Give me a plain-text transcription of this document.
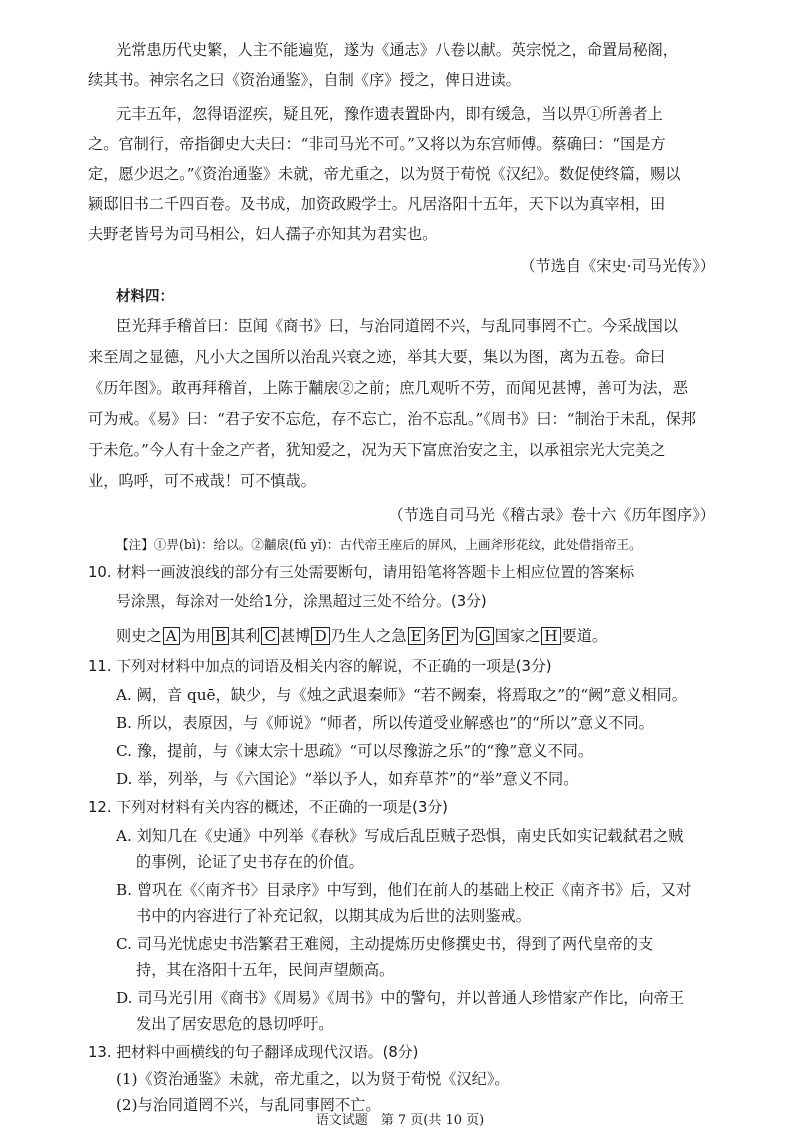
光常患历代史繁，人主不能遍览，遂为《通志》八卷以献。英宗悦之，命置局秘阁，
续其书。神宗名之曰《资治通鉴》，自制《序》授之，俾日进读。
元丰五年，忽得语涩疾，疑且死，豫作遗表置卧内，即有缓急，当以畀①所善者上
之。官制行，帝指御史大夫曰：“非司马光不可。”又将以为东宫师傅。蔡确曰：“国是方
定，愿少迟之。”《资治通鉴》未就，帝尤重之，以为贤于荀悦《汉纪》。数促使终篇，赐以
颍邸旧书二千四百卷。及书成，加资政殿学士。凡居洛阳十五年，天下以为真宰相，田
夫野老皆号为司马相公，妇人孺子亦知其为君实也。
（节选自《宋史·司马光传》）
材料四：
臣光拜手稽首曰：臣闻《商书》曰，与治同道罔不兴，与乱同事罔不亡。今采战国以
来至周之显德，凡小大之国所以治乱兴衰之迹，举其大要，集以为图，离为五卷。命曰
《历年图》。敢再拜稽首，上陈于黼扆②之前；庶几观听不劳，而闻见甚博，善可为法，恶
可为戒。《易》曰：“君子安不忘危，存不忘亡，治不忘乱。”《周书》曰：“制治于未乱，保邦
于未危。”今人有十金之产者，犹知爱之，况为天下富庶治安之主，以承祖宗光大完美之
业，呜呼，可不戒哉！可不慎哉。
（节选自司马光《稽古录》卷十六《历年图序》）
【注】①畀(bì)：给以。②黼扆(fǔ yǐ)：古代帝王座后的屏风，上画斧形花纹，此处借指帝王。
10. 材料一画波浪线的部分有三处需要断句，请用铅笔将答题卡上相应位置的答案标
号涂黑，每涂对一处给1分，涂黑超过三处不给分。(3分)
则史之 A 为用 B 其利 C 甚博 D 乃生人之急 E 务 F 为 G 国家之 H 要道。
11. 下列对材料中加点的词语及相关内容的解说，不正确的一项是(3分)
A. 阙，音 quē，缺少，与《烛之武退秦师》“若不阙秦，将焉取之”的“阙”意义相同。
B. 所以，表原因，与《师说》“师者，所以传道受业解惑也”的“所以”意义不同。
C. 豫，提前，与《谏太宗十思疏》“可以尽豫游之乐”的“豫”意义不同。
D. 举，列举，与《六国论》“举以予人，如弃草芥”的“举”意义不同。
12. 下列对材料有关内容的概述，不正确的一项是(3分)
A. 刘知几在《史通》中列举《春秋》写成后乱臣贼子恐惧，南史氏如实记载弑君之贼
的事例，论证了史书存在的价值。
B. 曾巩在《〈南齐书〉目录序》中写到，他们在前人的基础上校正《南齐书》后，又对
书中的内容进行了补充记叙，以期其成为后世的法则鉴戒。
C. 司马光忧虑史书浩繁君王难阅，主动提炼历史修撰史书，得到了两代皇帝的支
持，其在洛阳十五年，民间声望颇高。
D. 司马光引用《商书》《周易》《周书》中的警句，并以普通人珍惜家产作比，向帝王
发出了居安思危的恳切呼吁。
13. 把材料中画横线的句子翻译成现代汉语。(8分)
(1)《资治通鉴》未就，帝尤重之，以为贤于荀悦《汉纪》。
(2)与治同道罔不兴，与乱同事罔不亡。
语文试题　第 7 页(共 10 页)
